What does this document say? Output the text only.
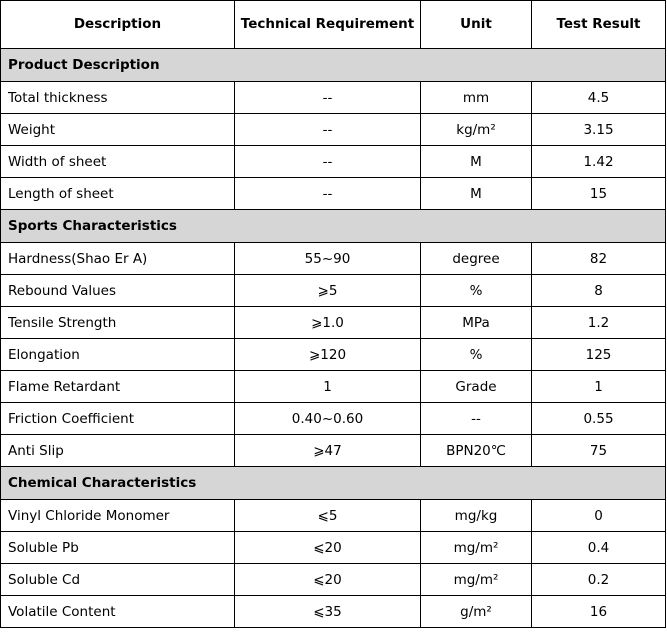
Description	Technical Requirement	Unit	Test Result
Product Description			
Total thickness	--	mm	4.5
Weight	--	kg/m²	3.15
Width of sheet	--	M	1.42
Length of sheet	--	M	15
Sports Characteristics			
Hardness(Shao Er A)	55~90	degree	82
Rebound Values	⩾5	%	8
Tensile Strength	⩾1.0	MPa	1.2
Elongation	⩾120	%	125
Flame Retardant	1	Grade	1
Friction Coefficient	0.40~0.60	--	0.55
Anti Slip	⩾47	BPN20℃	75
Chemical Characteristics			
Vinyl Chloride Monomer	⩽5	mg/kg	0
Soluble Pb	⩽20	mg/m²	0.4
Soluble Cd	⩽20	mg/m²	0.2
Volatile Content	⩽35	g/m²	16
